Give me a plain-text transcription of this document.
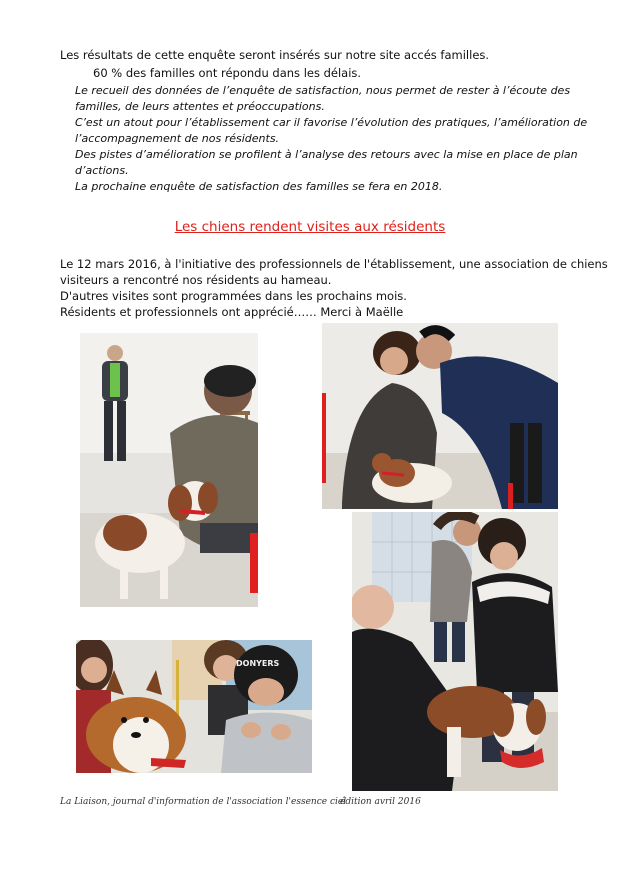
Les résultats de cette enquête seront insérés sur notre site accés familles.
60 % des familles ont répondu dans les délais.
Le recueil des données de l’enquête de satisfaction, nous permet de rester à l’écoute des
familles, de leurs attentes et préoccupations.
C’est un atout pour l’établissement car il favorise l’évolution des pratiques, l’amélioration de
l’accompagnement de nos résidents.
Des pistes d’amélioration se profilent à l’analyse des retours avec la mise en place de plan
d’actions.
La prochaine enquête de satisfaction des familles se fera en 2018.
Les chiens rendent visites aux résidents
Le 12 mars 2016, à l'initiative des professionnels de l'établissement, une association de chiens
visiteurs a rencontré nos résidents au hameau.
D'autres visites sont programmées dans les prochains mois.
Résidents et professionnels ont apprécié…… Merci à Maëlle
DONYERS
La Liaison, journal d'information de l'association l'essence ciel
édition avril 2016
